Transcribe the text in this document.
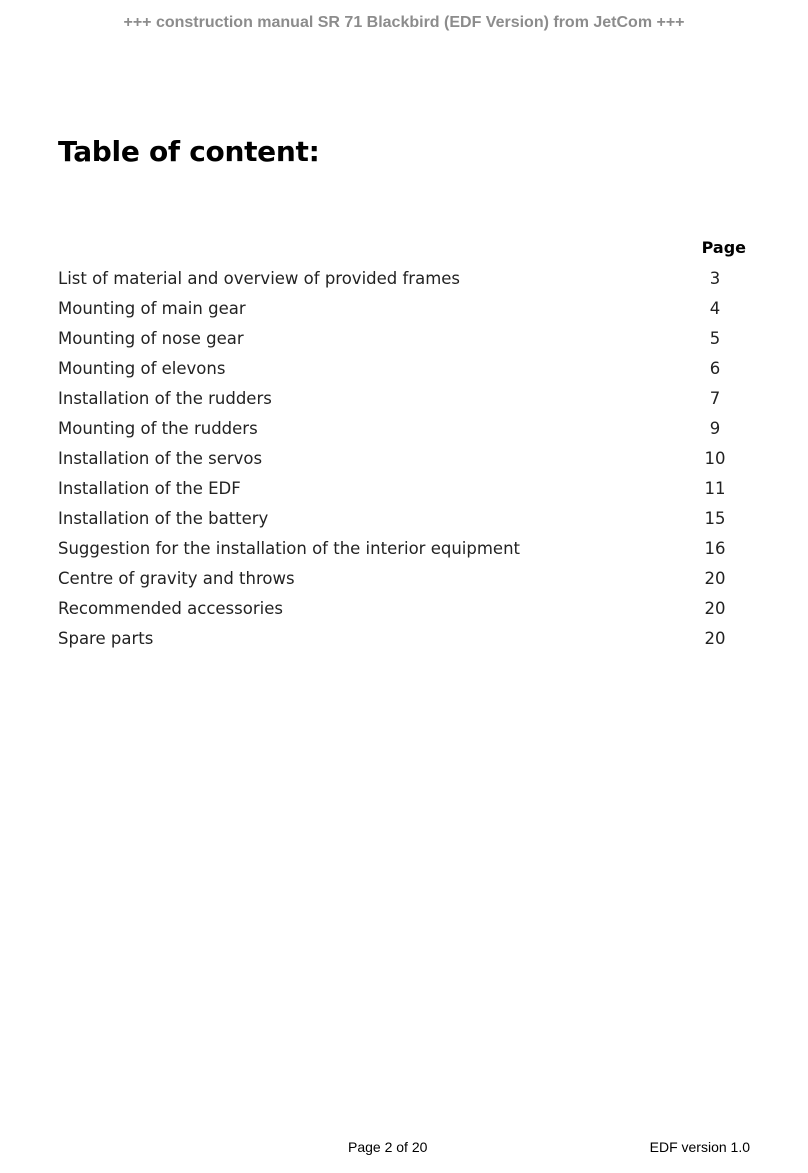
+++ construction manual SR 71 Blackbird (EDF Version) from JetCom +++
Table of content:
Page
List of material and overview of provided frames	3
Mounting of main gear	4
Mounting of nose gear	5
Mounting of elevons	6
Installation of the rudders	7
Mounting of the rudders	9
Installation of the servos	10
Installation of the EDF	11
Installation of the battery	15
Suggestion for the installation of the interior equipment	16
Centre of gravity and throws	20
Recommended accessories	20
Spare parts	20
Page 2 of 20	EDF version 1.0
